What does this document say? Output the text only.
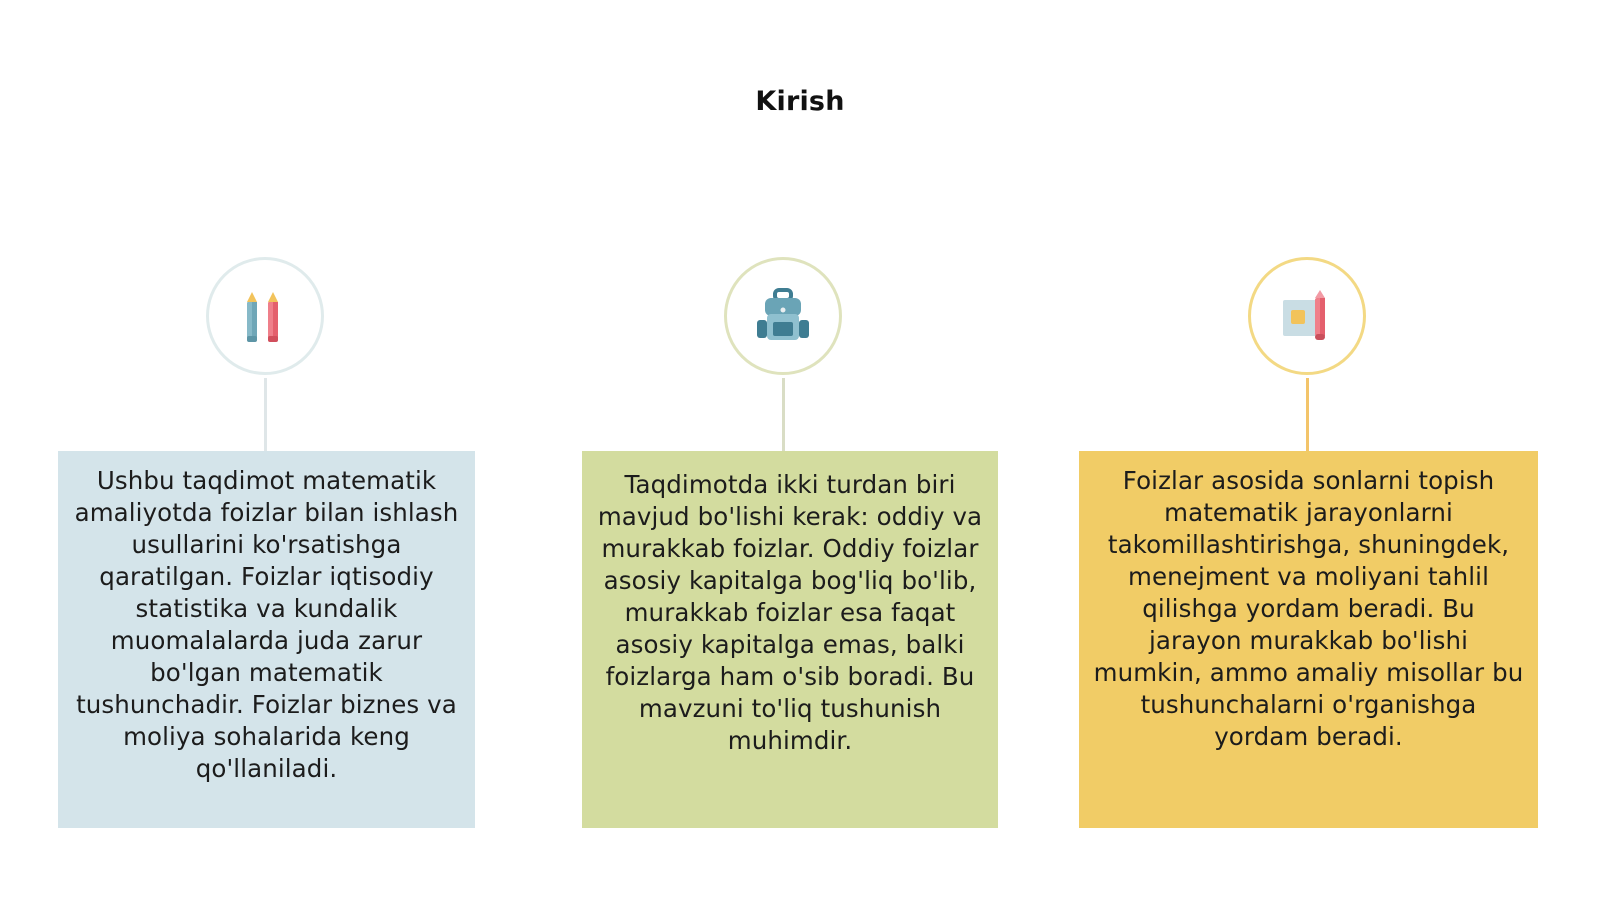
Kirish
Ushbu taqdimot matematik amaliyotda foizlar bilan ishlash usullarini ko'rsatishga qaratilgan. Foizlar iqtisodiy statistika va kundalik muomalalarda juda zarur bo'lgan matematik tushunchadir. Foizlar biznes va moliya sohalarida keng qo'llaniladi.
Taqdimotda ikki turdan biri mavjud bo'lishi kerak: oddiy va murakkab foizlar. Oddiy foizlar asosiy kapitalga bog'liq bo'lib, murakkab foizlar esa faqat asosiy kapitalga emas, balki foizlarga ham o'sib boradi. Bu mavzuni to'liq tushunish muhimdir.
Foizlar asosida sonlarni topish matematik jarayonlarni takomillashtirishga, shuningdek, menejment va moliyani tahlil qilishga yordam beradi. Bu jarayon murakkab bo'lishi mumkin, ammo amaliy misollar bu tushunchalarni o'rganishga yordam beradi.
